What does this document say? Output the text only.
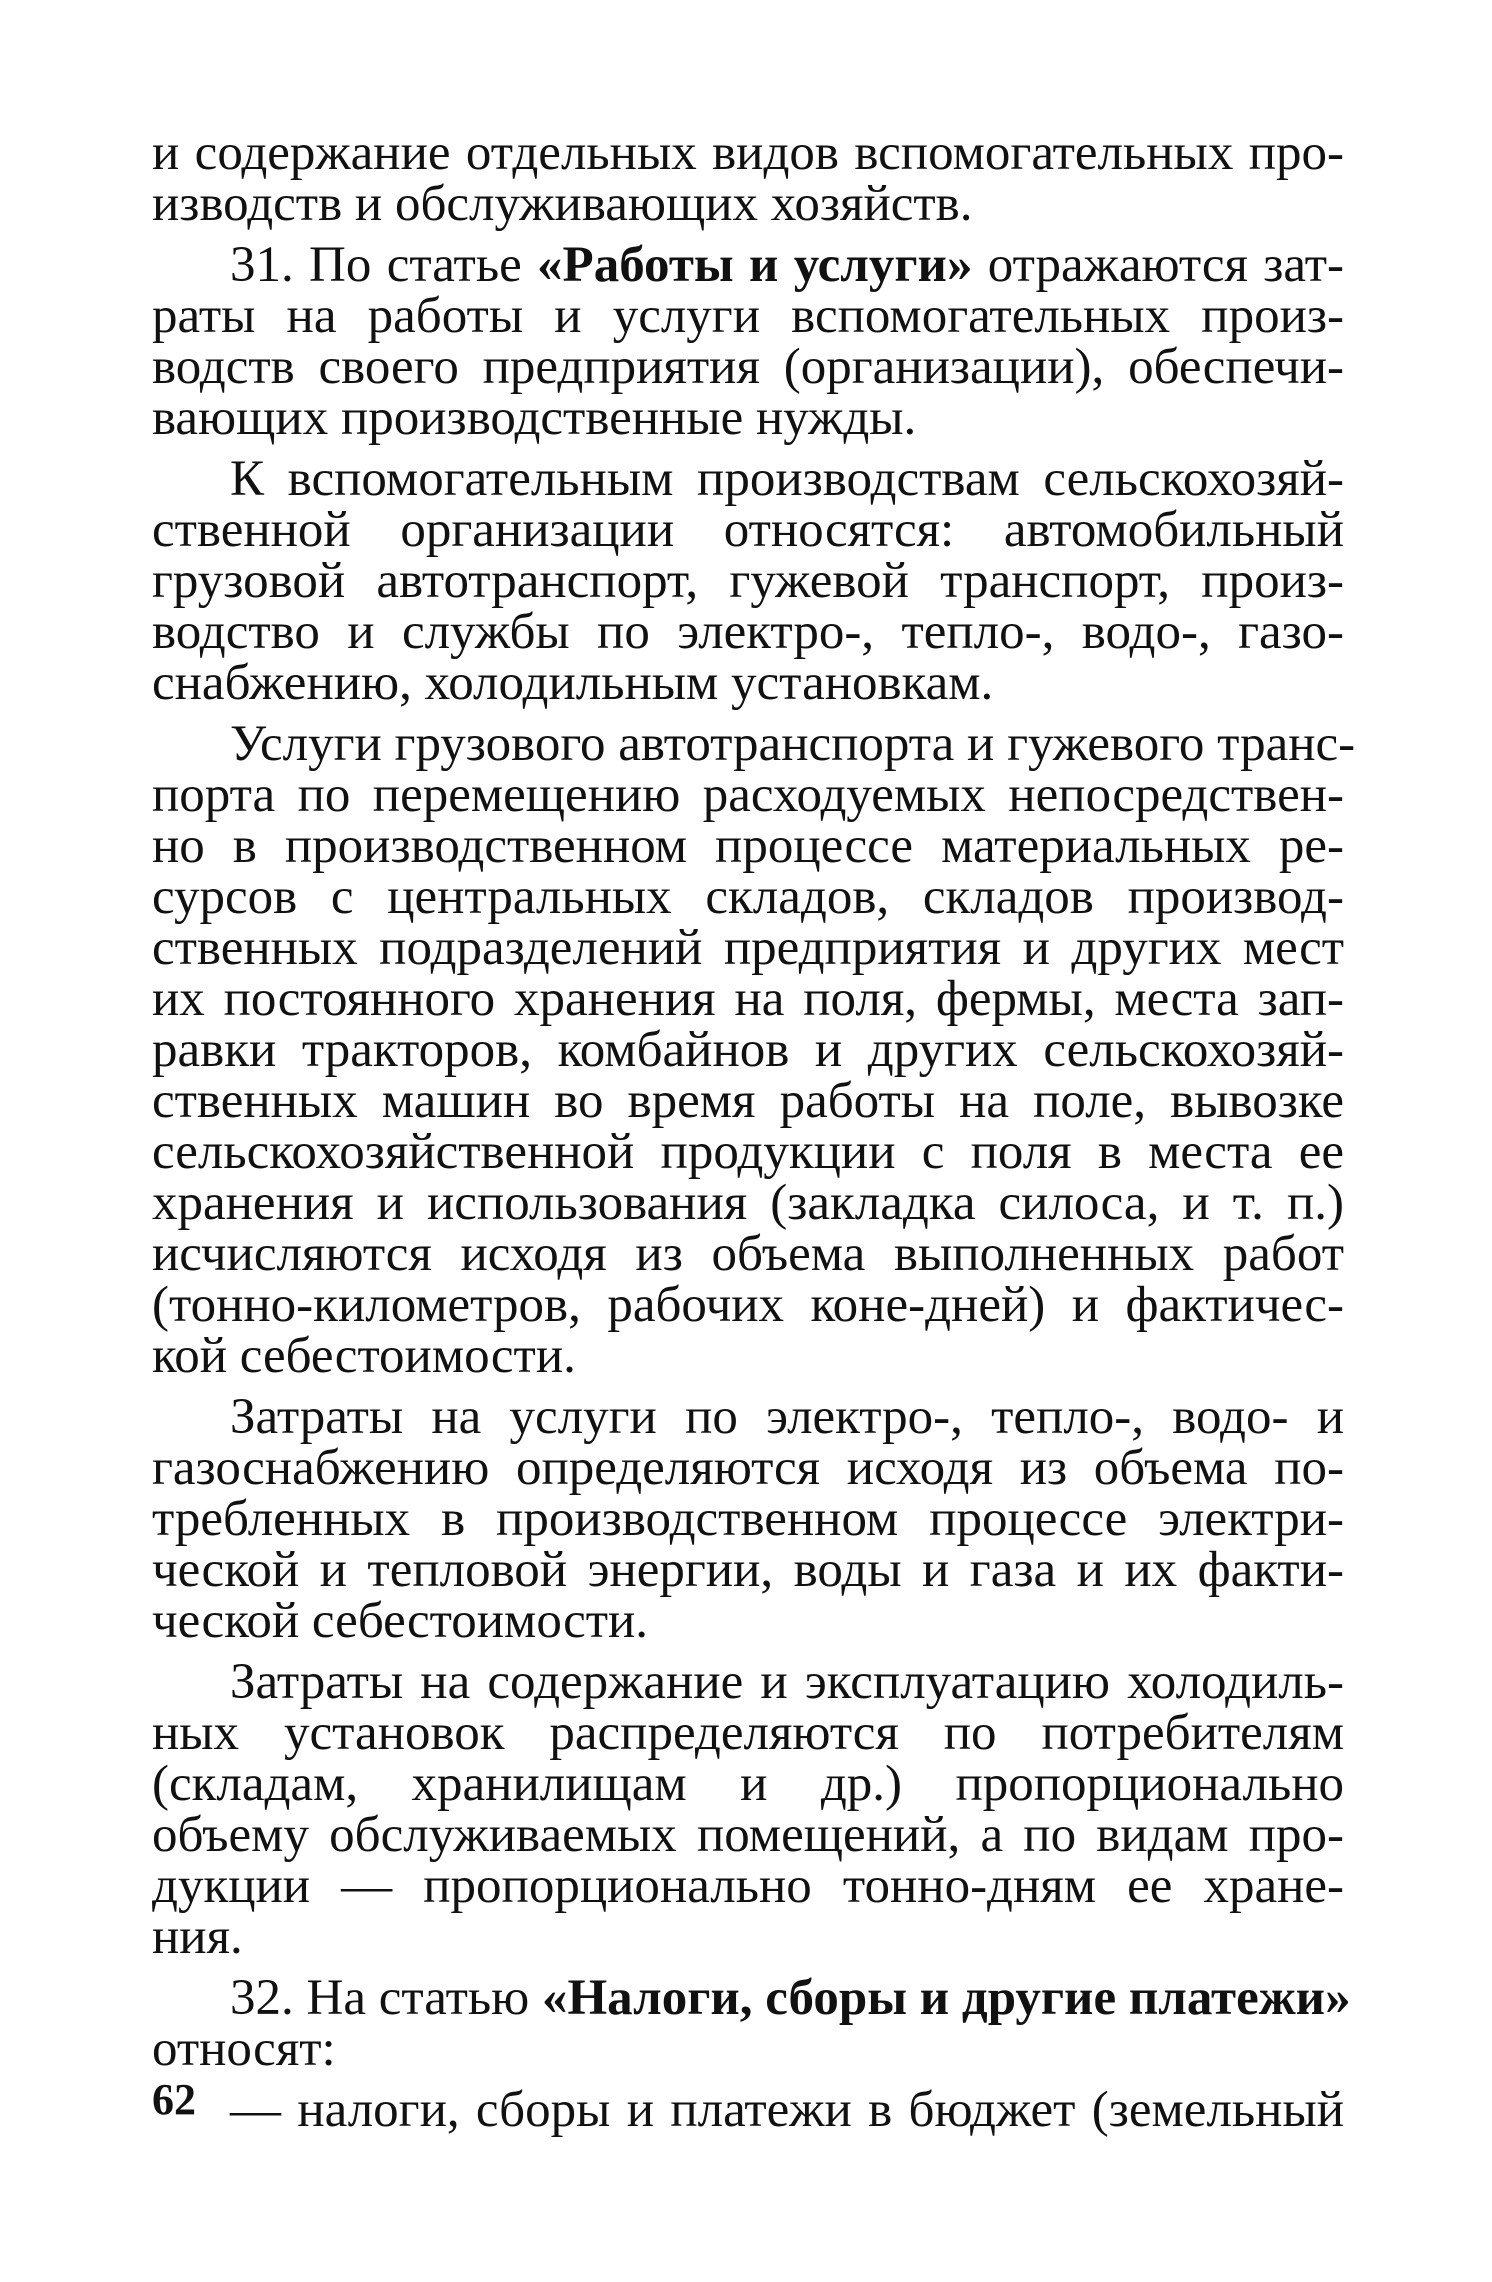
и содержание отдельных видов вспомогательных про-
изводств и обслуживающих хозяйств.
31. По статье «Работы и услуги» отражаются зат-
раты на работы и услуги вспомогательных произ-
водств своего предприятия (организации), обеспечи-
вающих производственные нужды.
К вспомогательным производствам сельскохозяй-
ственной организации относятся: автомобильный
грузовой автотранспорт, гужевой транспорт, произ-
водство и службы по электро-, тепло-, водо-, газо-
снабжению, холодильным установкам.
Услуги грузового автотранспорта и гужевого транс-
порта по перемещению расходуемых непосредствен-
но в производственном процессе материальных ре-
сурсов с центральных складов, складов производ-
ственных подразделений предприятия и других мест
их постоянного хранения на поля, фермы, места зап-
равки тракторов, комбайнов и других сельскохозяй-
ственных машин во время работы на поле, вывозке
сельскохозяйственной продукции с поля в места ее
хранения и использования (закладка силоса, и т. п.)
исчисляются исходя из объема выполненных работ
(тонно-километров, рабочих коне-дней) и фактичес-
кой себестоимости.
Затраты на услуги по электро-, тепло-, водо- и
газоснабжению определяются исходя из объема по-
требленных в производственном процессе электри-
ческой и тепловой энергии, воды и газа и их факти-
ческой себестоимости.
Затраты на содержание и эксплуатацию холодиль-
ных установок распределяются по потребителям
(складам, хранилищам и др.) пропорционально
объему обслуживаемых помещений, а по видам про-
дукции — пропорционально тонно-дням ее хране-
ния.
32. На статью «Налоги, сборы и другие платежи»
относят:
— налоги, сборы и платежи в бюджет (земельный
62
